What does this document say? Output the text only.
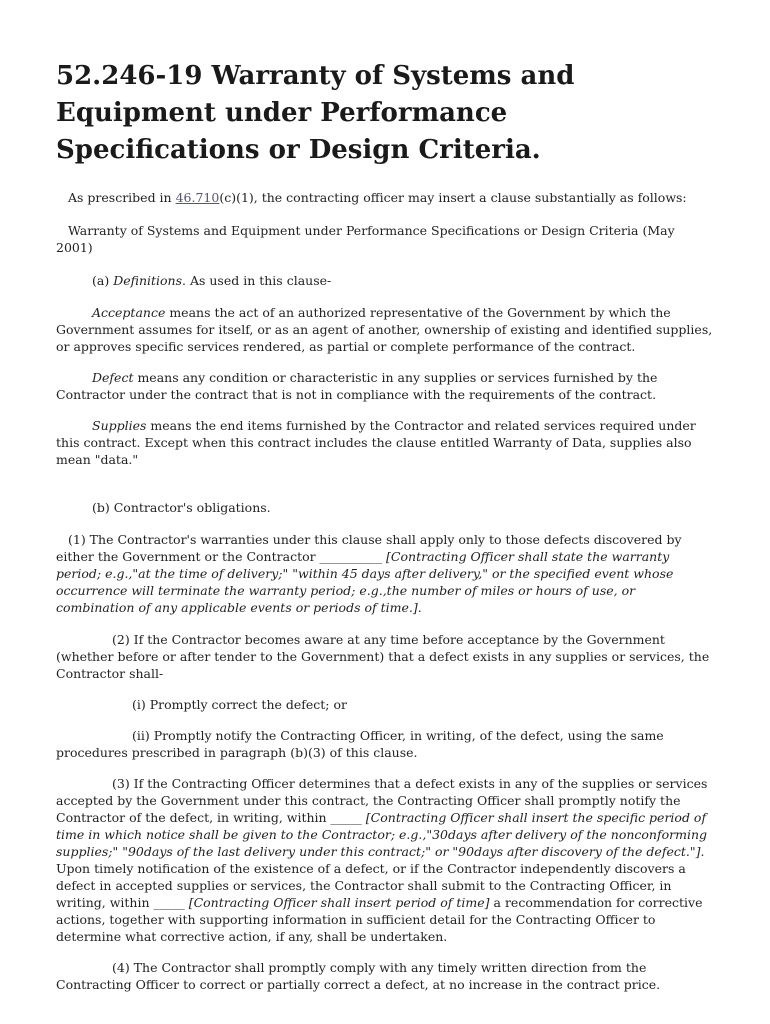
52.246-19 Warranty of Systems and Equipment under Performance Specifications or Design Criteria.

As prescribed in 46.710(c)(1), the contracting officer may insert a clause substantially as follows:

Warranty of Systems and Equipment under Performance Specifications or Design Criteria (May 2001)

(a) Definitions. As used in this clause-

Acceptance means the act of an authorized representative of the Government by which the Government assumes for itself, or as an agent of another, ownership of existing and identified supplies, or approves specific services rendered, as partial or complete performance of the contract.

Defect means any condition or characteristic in any supplies or services furnished by the Contractor under the contract that is not in compliance with the requirements of the contract.

Supplies means the end items furnished by the Contractor and related services required under this contract. Except when this contract includes the clause entitled Warranty of Data, supplies also mean "data."

(b) Contractor's obligations.

(1) The Contractor's warranties under this clause shall apply only to those defects discovered by either the Government or the Contractor __________ [Contracting Officer shall state the warranty period; e.g.,"at the time of delivery;" "within 45 days after delivery," or the specified event whose occurrence will terminate the warranty period; e.g.,the number of miles or hours of use, or combination of any applicable events or periods of time.].

(2) If the Contractor becomes aware at any time before acceptance by the Government (whether before or after tender to the Government) that a defect exists in any supplies or services, the Contractor shall-

(i) Promptly correct the defect; or

(ii) Promptly notify the Contracting Officer, in writing, of the defect, using the same procedures prescribed in paragraph (b)(3) of this clause.

(3) If the Contracting Officer determines that a defect exists in any of the supplies or services accepted by the Government under this contract, the Contracting Officer shall promptly notify the Contractor of the defect, in writing, within _____ [Contracting Officer shall insert the specific period of time in which notice shall be given to the Contractor; e.g.,"30days after delivery of the nonconforming supplies;" "90days of the last delivery under this contract;" or "90days after discovery of the defect."]. Upon timely notification of the existence of a defect, or if the Contractor independently discovers a defect in accepted supplies or services, the Contractor shall submit to the Contracting Officer, in writing, within _____ [Contracting Officer shall insert period of time] a recommendation for corrective actions, together with supporting information in sufficient detail for the Contracting Officer to determine what corrective action, if any, shall be undertaken.

(4) The Contractor shall promptly comply with any timely written direction from the Contracting Officer to correct or partially correct a defect, at no increase in the contract price.
